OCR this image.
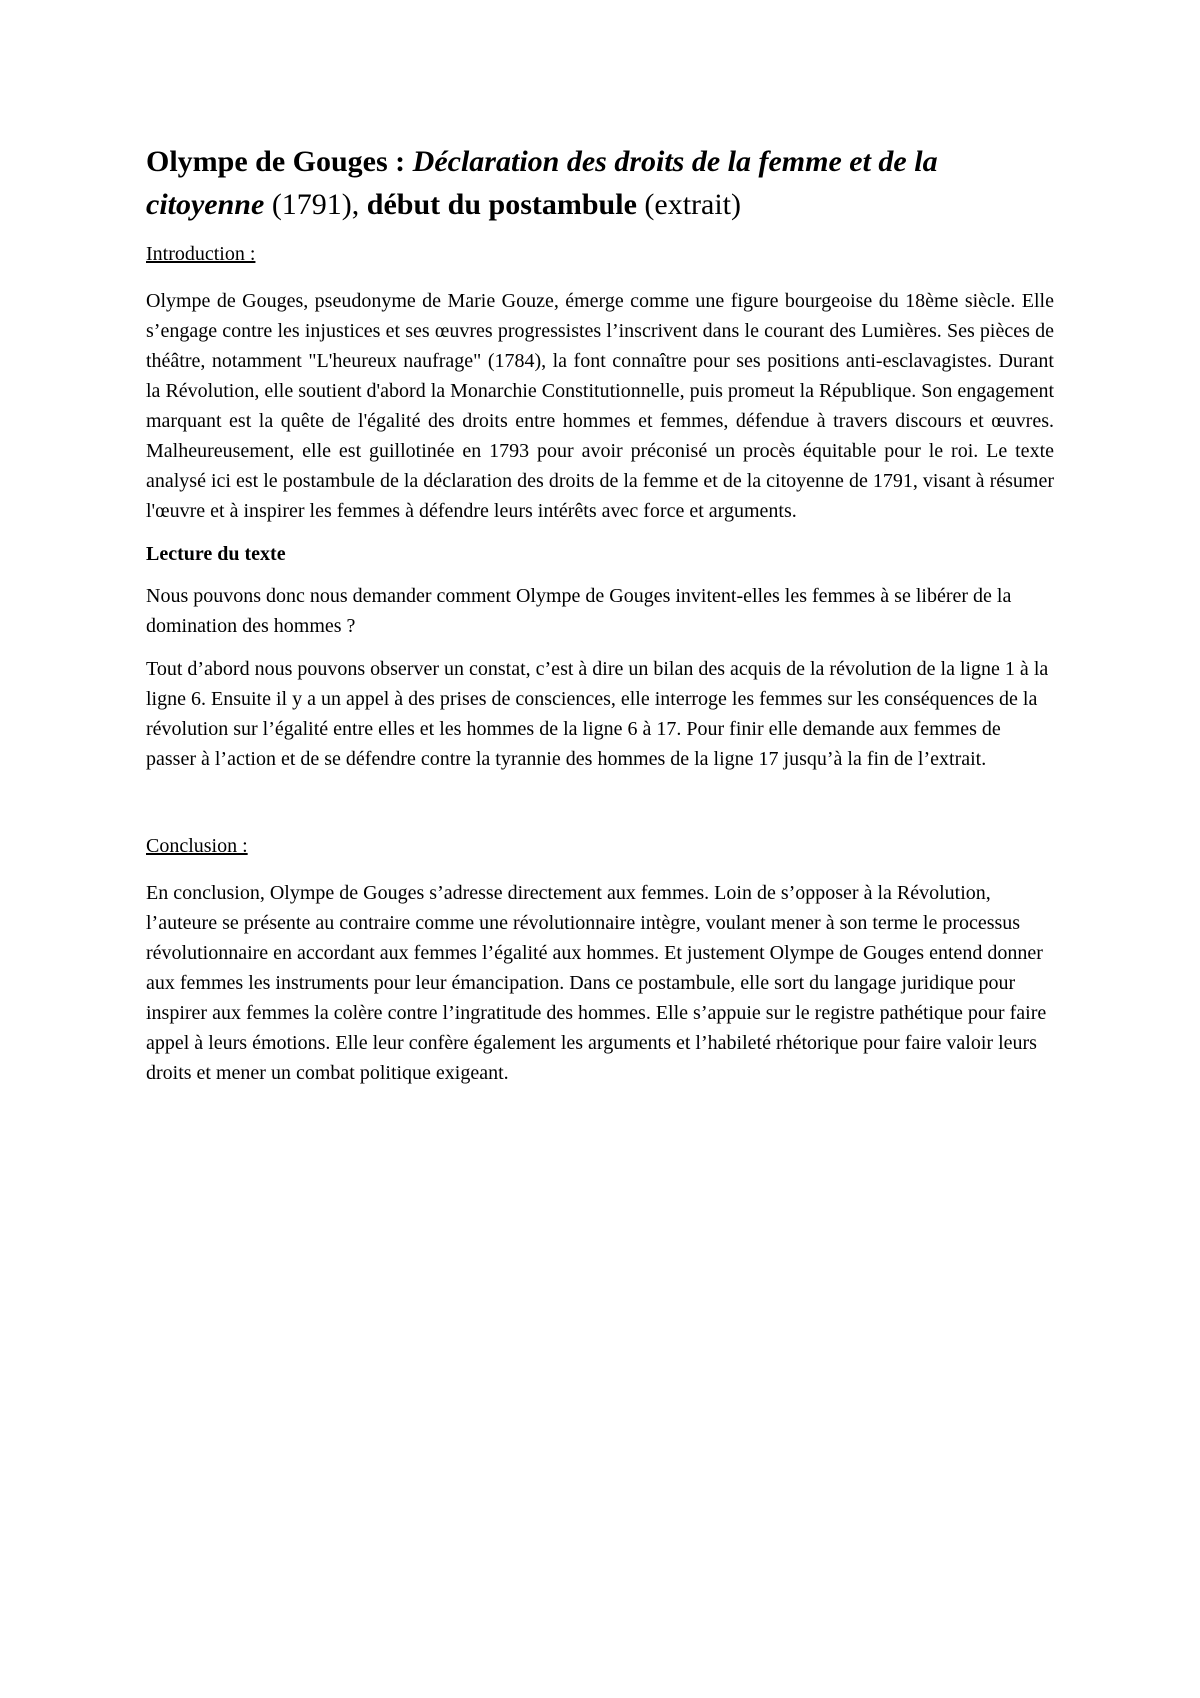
Olympe de Gouges : Déclaration des droits de la femme et de la citoyenne (1791), début du postambule (extrait)
Introduction :

Olympe de Gouges, pseudonyme de Marie Gouze, émerge comme une figure bourgeoise du 18ème siècle. Elle s’engage contre les injustices et ses œuvres progressistes l’inscrivent dans le courant des Lumières. Ses pièces de théâtre, notamment "L'heureux naufrage" (1784), la font connaître pour ses positions anti-esclavagistes. Durant la Révolution, elle soutient d'abord la Monarchie Constitutionnelle, puis promeut la République. Son engagement marquant est la quête de l'égalité des droits entre hommes et femmes, défendue à travers discours et œuvres. Malheureusement, elle est guillotinée en 1793 pour avoir préconisé un procès équitable pour le roi. Le texte analysé ici est le postambule de la déclaration des droits de la femme et de la citoyenne de 1791, visant à résumer l'œuvre et à inspirer les femmes à défendre leurs intérêts avec force et arguments.

Lecture du texte

Nous pouvons donc nous demander comment Olympe de Gouges invitent-elles les femmes à se libérer de la domination des hommes ?

Tout d’abord nous pouvons observer un constat, c’est à dire un bilan des acquis de la révolution de la ligne 1 à la ligne 6. Ensuite il y a un appel à des prises de consciences, elle interroge les femmes sur les conséquences de la révolution sur l’égalité entre elles et les hommes de la ligne 6 à 17. Pour finir elle demande aux femmes de passer à l’action et de se défendre contre la tyrannie des hommes de la ligne 17 jusqu’à la fin de l’extrait.

Conclusion :

En conclusion, Olympe de Gouges s’adresse directement aux femmes. Loin de s’opposer à la Révolution, l’auteure se présente au contraire comme une révolutionnaire intègre, voulant mener à son terme le processus révolutionnaire en accordant aux femmes l’égalité aux hommes. Et justement Olympe de Gouges entend donner aux femmes les instruments pour leur émancipation. Dans ce postambule, elle sort du langage juridique pour inspirer aux femmes la colère contre l’ingratitude des hommes. Elle s’appuie sur le registre pathétique pour faire appel à leurs émotions. Elle leur confère également les arguments et l’habileté rhétorique pour faire valoir leurs droits et mener un combat politique exigeant.
